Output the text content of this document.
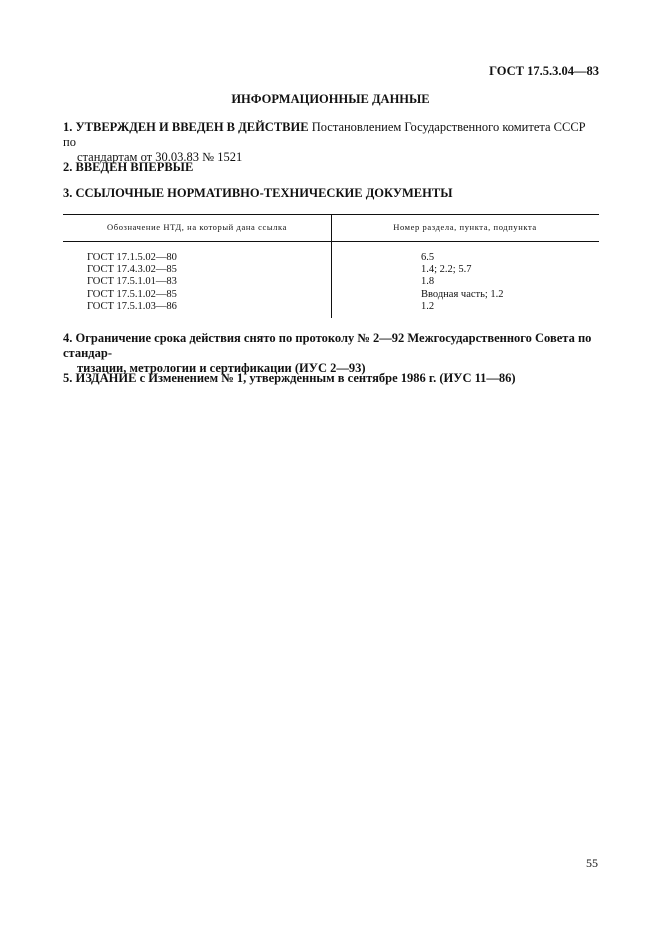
ГОСТ 17.5.3.04—83
ИНФОРМАЦИОННЫЕ ДАННЫЕ
1. УТВЕРЖДЕН И ВВЕДЕН В ДЕЙСТВИЕ Постановлением Государственного комитета СССР по
стандартам от 30.03.83 № 1521
2. ВВЕДЕН ВПЕРВЫЕ
3. ССЫЛОЧНЫЕ НОРМАТИВНО-ТЕХНИЧЕСКИЕ ДОКУМЕНТЫ
Обозначение НТД, на который дана ссылка	Номер раздела, пункта, подпункта
ГОСТ 17.1.5.02—80
ГОСТ 17.4.3.02—85
ГОСТ 17.5.1.01—83
ГОСТ 17.5.1.02—85
ГОСТ 17.5.1.03—86
6.5
1.4; 2.2; 5.7
1.8
Вводная часть; 1.2
1.2
4. Ограничение срока действия снято по протоколу № 2—92 Межгосударственного Совета по стандар-
тизации, метрологии и сертификации (ИУС 2—93)
5. ИЗДАНИЕ с Изменением № 1, утвержденным в сентябре 1986 г. (ИУС 11—86)
55
